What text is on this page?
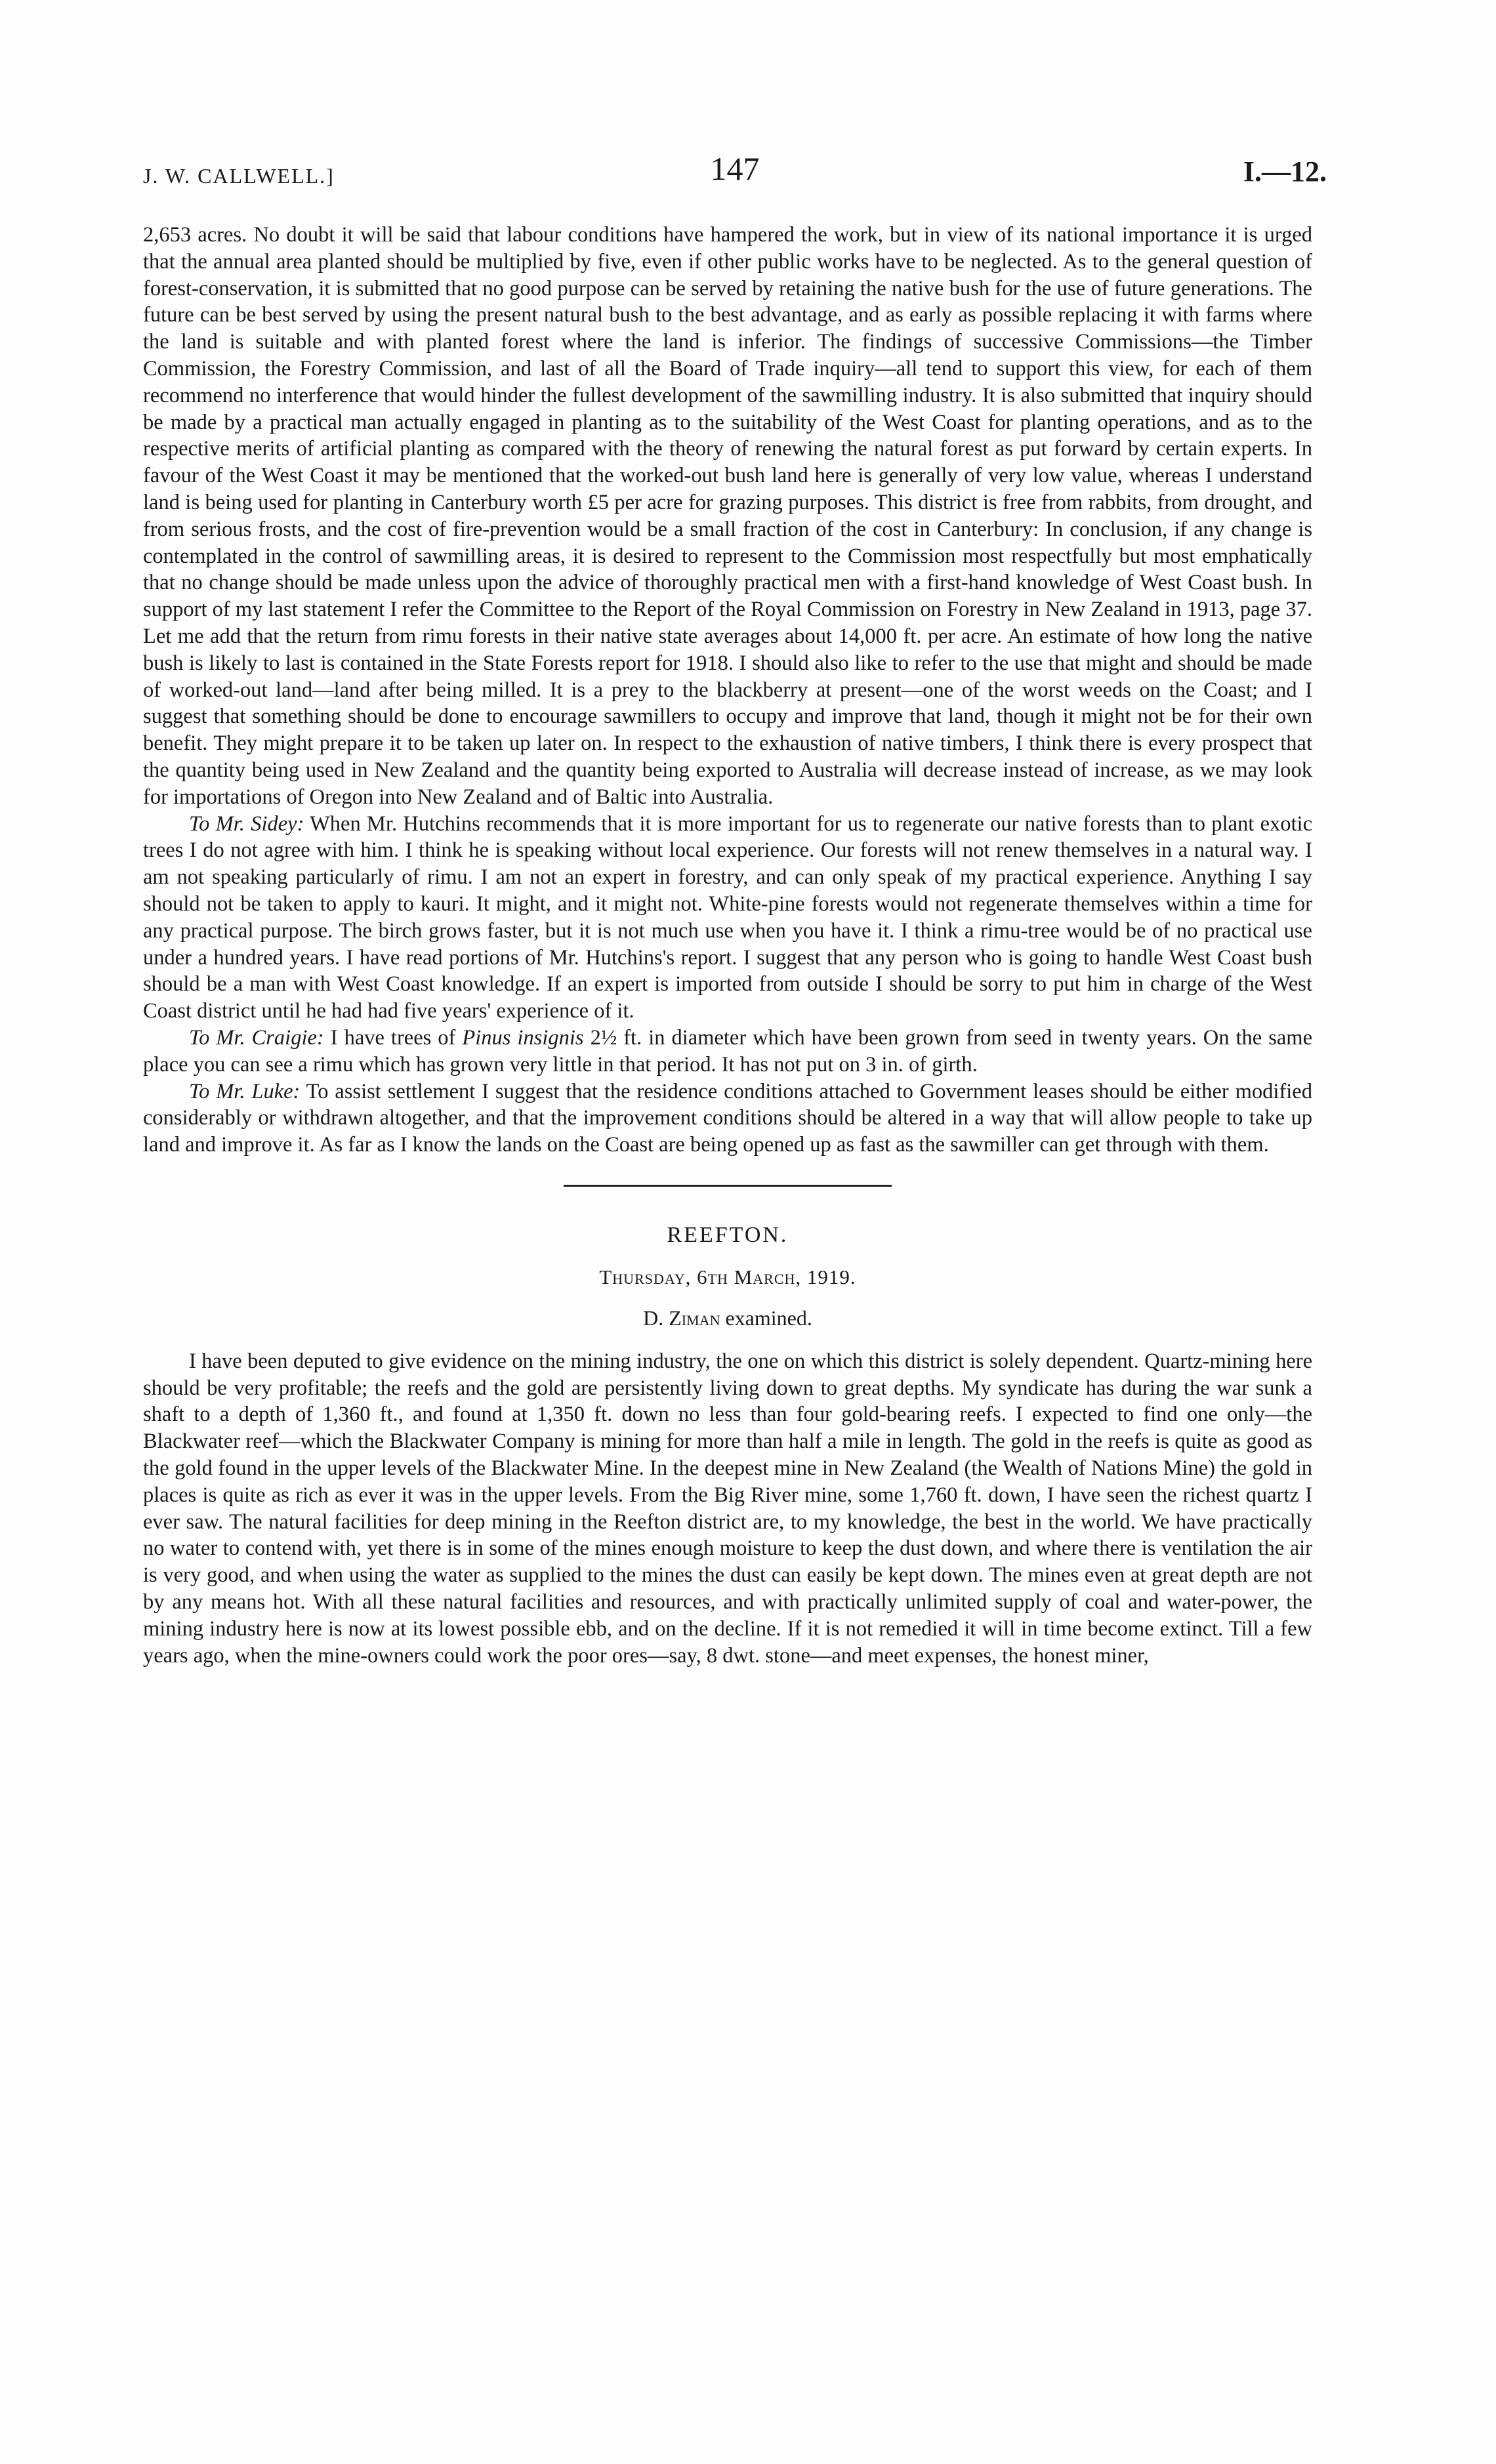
J. W. CALLWELL.]	147	I.—12.

2,653 acres. No doubt it will be said that labour conditions have hampered the work, but in view of its national importance it is urged that the annual area planted should be multiplied by five, even if other public works have to be neglected. As to the general question of forest-conservation, it is submitted that no good purpose can be served by retaining the native bush for the use of future generations. The future can be best served by using the present natural bush to the best advantage, and as early as possible replacing it with farms where the land is suitable and with planted forest where the land is inferior. The findings of successive Commissions—the Timber Commission, the Forestry Commission, and last of all the Board of Trade inquiry—all tend to support this view, for each of them recommend no interference that would hinder the fullest development of the sawmilling industry. It is also submitted that inquiry should be made by a practical man actually engaged in planting as to the suitability of the West Coast for planting operations, and as to the respective merits of artificial planting as compared with the theory of renewing the natural forest as put forward by certain experts. In favour of the West Coast it may be mentioned that the worked-out bush land here is generally of very low value, whereas I understand land is being used for planting in Canterbury worth £5 per acre for grazing purposes. This district is free from rabbits, from drought, and from serious frosts, and the cost of fire-prevention would be a small fraction of the cost in Canterbury: In conclusion, if any change is contemplated in the control of sawmilling areas, it is desired to represent to the Commission most respectfully but most emphatically that no change should be made unless upon the advice of thoroughly practical men with a first-hand knowledge of West Coast bush. In support of my last statement I refer the Committee to the Report of the Royal Commission on Forestry in New Zealand in 1913, page 37. Let me add that the return from rimu forests in their native state averages about 14,000 ft. per acre. An estimate of how long the native bush is likely to last is contained in the State Forests report for 1918. I should also like to refer to the use that might and should be made of worked-out land—land after being milled. It is a prey to the blackberry at present—one of the worst weeds on the Coast; and I suggest that something should be done to encourage sawmillers to occupy and improve that land, though it might not be for their own benefit. They might prepare it to be taken up later on. In respect to the exhaustion of native timbers, I think there is every prospect that the quantity being used in New Zealand and the quantity being exported to Australia will decrease instead of increase, as we may look for importations of Oregon into New Zealand and of Baltic into Australia.

To Mr. Sidey: When Mr. Hutchins recommends that it is more important for us to regenerate our native forests than to plant exotic trees I do not agree with him. I think he is speaking without local experience. Our forests will not renew themselves in a natural way. I am not speaking particularly of rimu. I am not an expert in forestry, and can only speak of my practical experience. Anything I say should not be taken to apply to kauri. It might, and it might not. White-pine forests would not regenerate themselves within a time for any practical purpose. The birch grows faster, but it is not much use when you have it. I think a rimu-tree would be of no practical use under a hundred years. I have read portions of Mr. Hutchins's report. I suggest that any person who is going to handle West Coast bush should be a man with West Coast knowledge. If an expert is imported from outside I should be sorry to put him in charge of the West Coast district until he had had five years' experience of it.

To Mr. Craigie: I have trees of Pinus insignis 2½ ft. in diameter which have been grown from seed in twenty years. On the same place you can see a rimu which has grown very little in that period. It has not put on 3 in. of girth.

To Mr. Luke: To assist settlement I suggest that the residence conditions attached to Government leases should be either modified considerably or withdrawn altogether, and that the improvement conditions should be altered in a way that will allow people to take up land and improve it. As far as I know the lands on the Coast are being opened up as fast as the sawmiller can get through with them.

REEFTON.
Thursday, 6th March, 1919.
D. Ziman examined.

I have been deputed to give evidence on the mining industry, the one on which this district is solely dependent. Quartz-mining here should be very profitable; the reefs and the gold are persistently living down to great depths. My syndicate has during the war sunk a shaft to a depth of 1,360 ft., and found at 1,350 ft. down no less than four gold-bearing reefs. I expected to find one only—the Blackwater reef—which the Blackwater Company is mining for more than half a mile in length. The gold in the reefs is quite as good as the gold found in the upper levels of the Blackwater Mine. In the deepest mine in New Zealand (the Wealth of Nations Mine) the gold in places is quite as rich as ever it was in the upper levels. From the Big River mine, some 1,760 ft. down, I have seen the richest quartz I ever saw. The natural facilities for deep mining in the Reefton district are, to my knowledge, the best in the world. We have practically no water to contend with, yet there is in some of the mines enough moisture to keep the dust down, and where there is ventilation the air is very good, and when using the water as supplied to the mines the dust can easily be kept down. The mines even at great depth are not by any means hot. With all these natural facilities and resources, and with practically unlimited supply of coal and water-power, the mining industry here is now at its lowest possible ebb, and on the decline. If it is not remedied it will in time become extinct. Till a few years ago, when the mine-owners could work the poor ores—say, 8 dwt. stone—and meet expenses, the honest miner,
